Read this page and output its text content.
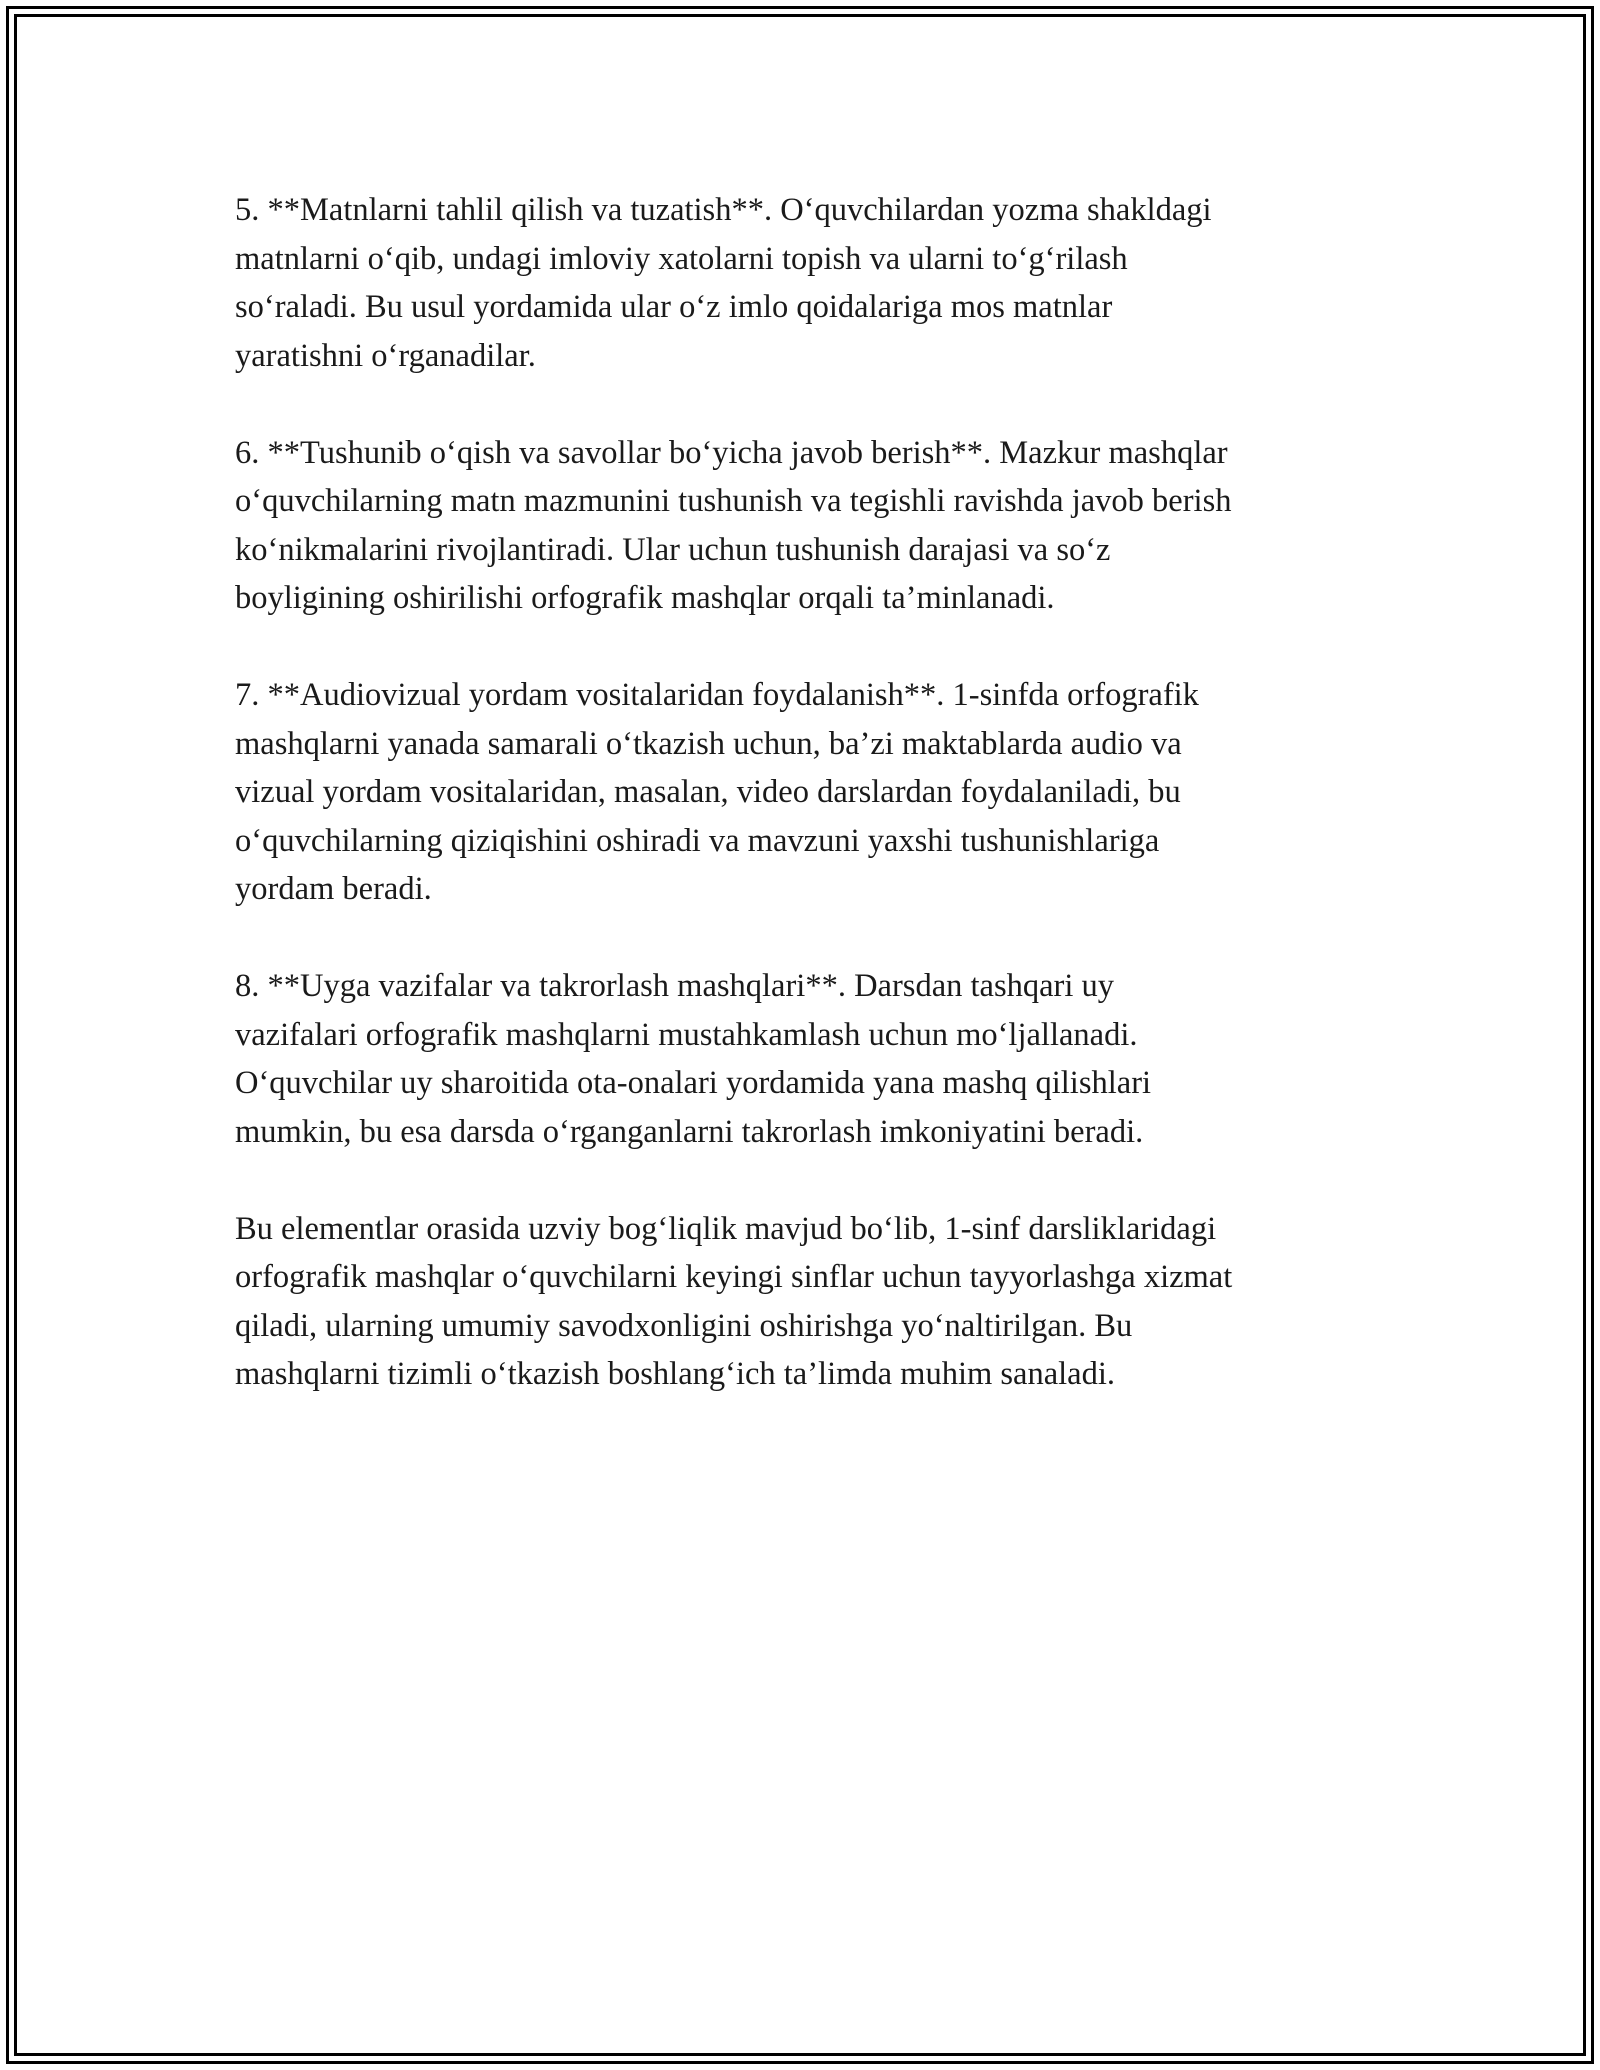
5. **Matnlarni tahlil qilish va tuzatish**. O‘quvchilardan yozma shakldagi
matnlarni o‘qib, undagi imloviy xatolarni topish va ularni to‘g‘rilash
so‘raladi. Bu usul yordamida ular o‘z imlo qoidalariga mos matnlar
yaratishni o‘rganadilar.

6. **Tushunib o‘qish va savollar bo‘yicha javob berish**. Mazkur mashqlar
o‘quvchilarning matn mazmunini tushunish va tegishli ravishda javob berish
ko‘nikmalarini rivojlantiradi. Ular uchun tushunish darajasi va so‘z
boyligining oshirilishi orfografik mashqlar orqali ta’minlanadi.

7. **Audiovizual yordam vositalaridan foydalanish**. 1-sinfda orfografik
mashqlarni yanada samarali o‘tkazish uchun, ba’zi maktablarda audio va
vizual yordam vositalaridan, masalan, video darslardan foydalaniladi, bu
o‘quvchilarning qiziqishini oshiradi va mavzuni yaxshi tushunishlariga
yordam beradi.

8. **Uyga vazifalar va takrorlash mashqlari**. Darsdan tashqari uy
vazifalari orfografik mashqlarni mustahkamlash uchun mo‘ljallanadi.
O‘quvchilar uy sharoitida ota-onalari yordamida yana mashq qilishlari
mumkin, bu esa darsda o‘rganganlarni takrorlash imkoniyatini beradi.

Bu elementlar orasida uzviy bog‘liqlik mavjud bo‘lib, 1-sinf darsliklaridagi
orfografik mashqlar o‘quvchilarni keyingi sinflar uchun tayyorlashga xizmat
qiladi, ularning umumiy savodxonligini oshirishga yo‘naltirilgan. Bu
mashqlarni tizimli o‘tkazish boshlang‘ich ta’limda muhim sanaladi.
